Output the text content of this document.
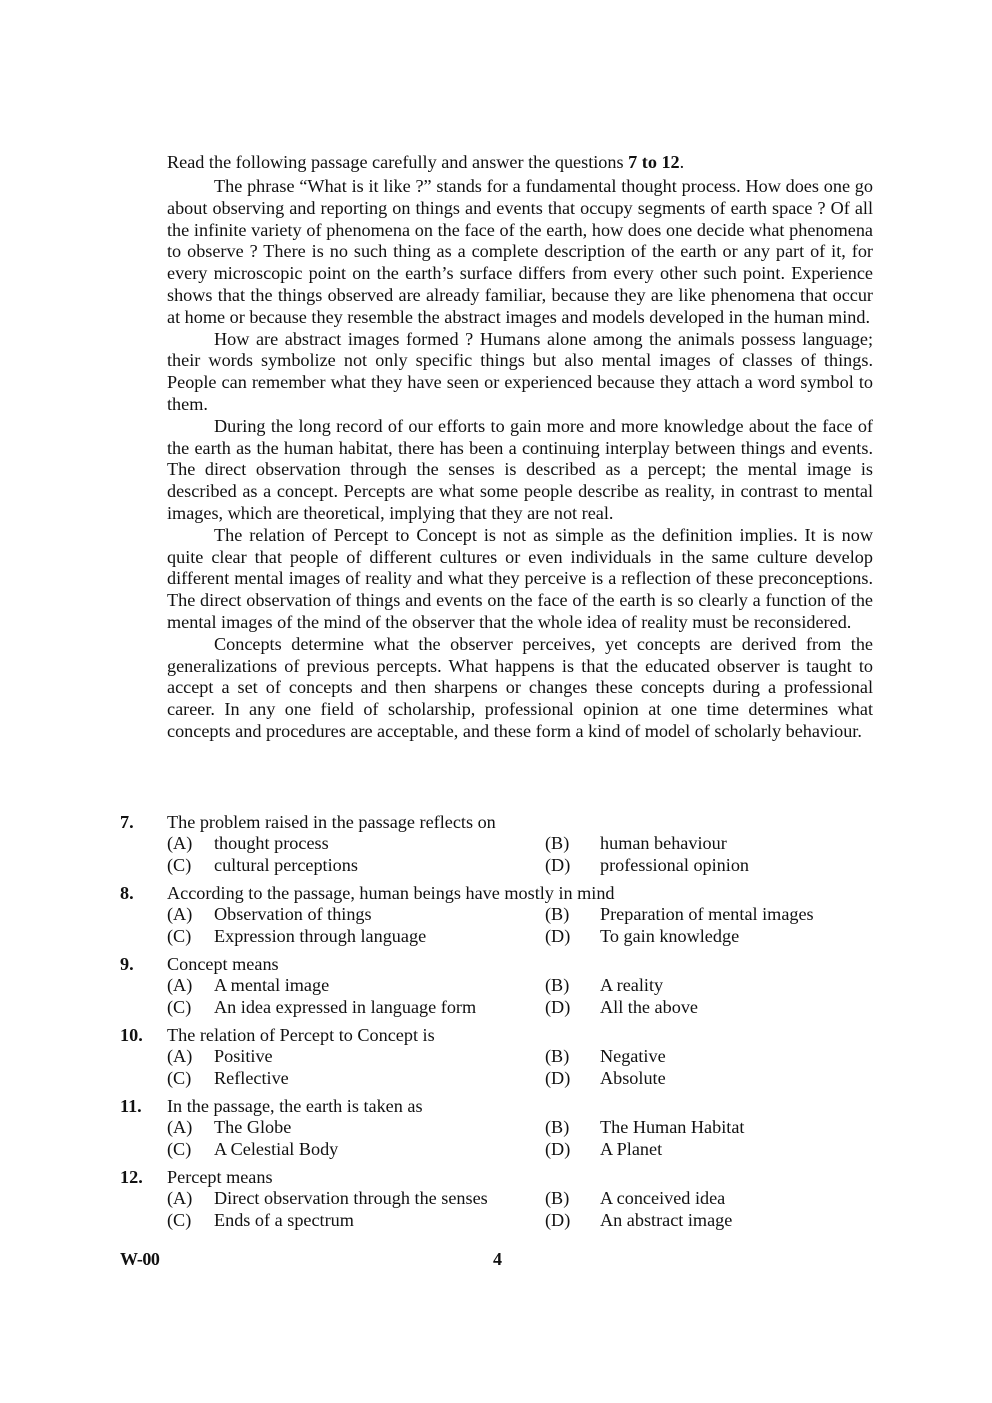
Read the following passage carefully and answer the questions 7 to 12.

The phrase “What is it like ?” stands for a fundamental thought process. How does one go about observing and reporting on things and events that occupy segments of earth space ? Of all the infinite variety of phenomena on the face of the earth, how does one decide what phenomena to observe ? There is no such thing as a complete description of the earth or any part of it, for every microscopic point on the earth’s surface differs from every other such point. Experience shows that the things observed are already familiar, because they are like phenomena that occur at home or because they resemble the abstract images and models developed in the human mind.

How are abstract images formed ? Humans alone among the animals possess language; their words symbolize not only specific things but also mental images of classes of things. People can remember what they have seen or experienced because they attach a word symbol to them.

During the long record of our efforts to gain more and more knowledge about the face of the earth as the human habitat, there has been a continuing interplay between things and events. The direct observation through the senses is described as a percept; the mental image is described as a concept. Percepts are what some people describe as reality, in contrast to mental images, which are theoretical, implying that they are not real.

The relation of Percept to Concept is not as simple as the definition implies. It is now quite clear that people of different cultures or even individuals in the same culture develop different mental images of reality and what they perceive is a reflection of these preconceptions. The direct observation of things and events on the face of the earth is so clearly a function of the mental images of the mind of the observer that the whole idea of reality must be reconsidered.

Concepts determine what the observer perceives, yet concepts are derived from the generalizations of previous percepts. What happens is that the educated observer is taught to accept a set of concepts and then sharpens or changes these concepts during a professional career. In any one field of scholarship, professional opinion at one time determines what concepts and procedures are acceptable, and these form a kind of model of scholarly behaviour.

7.	The problem raised in the passage reflects on
(A)	thought process	(B)	human behaviour
(C)	cultural perceptions	(D)	professional opinion
8.	According to the passage, human beings have mostly in mind
(A)	Observation of things	(B)	Preparation of mental images
(C)	Expression through language	(D)	To gain knowledge
9.	Concept means
(A)	A mental image	(B)	A reality
(C)	An idea expressed in language form	(D)	All the above
10.	The relation of Percept to Concept is
(A)	Positive	(B)	Negative
(C)	Reflective	(D)	Absolute
11.	In the passage, the earth is taken as
(A)	The Globe	(B)	The Human Habitat
(C)	A Celestial Body	(D)	A Planet
12.	Percept means
(A)	Direct observation through the senses	(B)	A conceived idea
(C)	Ends of a spectrum	(D)	An abstract image
W-00	4
